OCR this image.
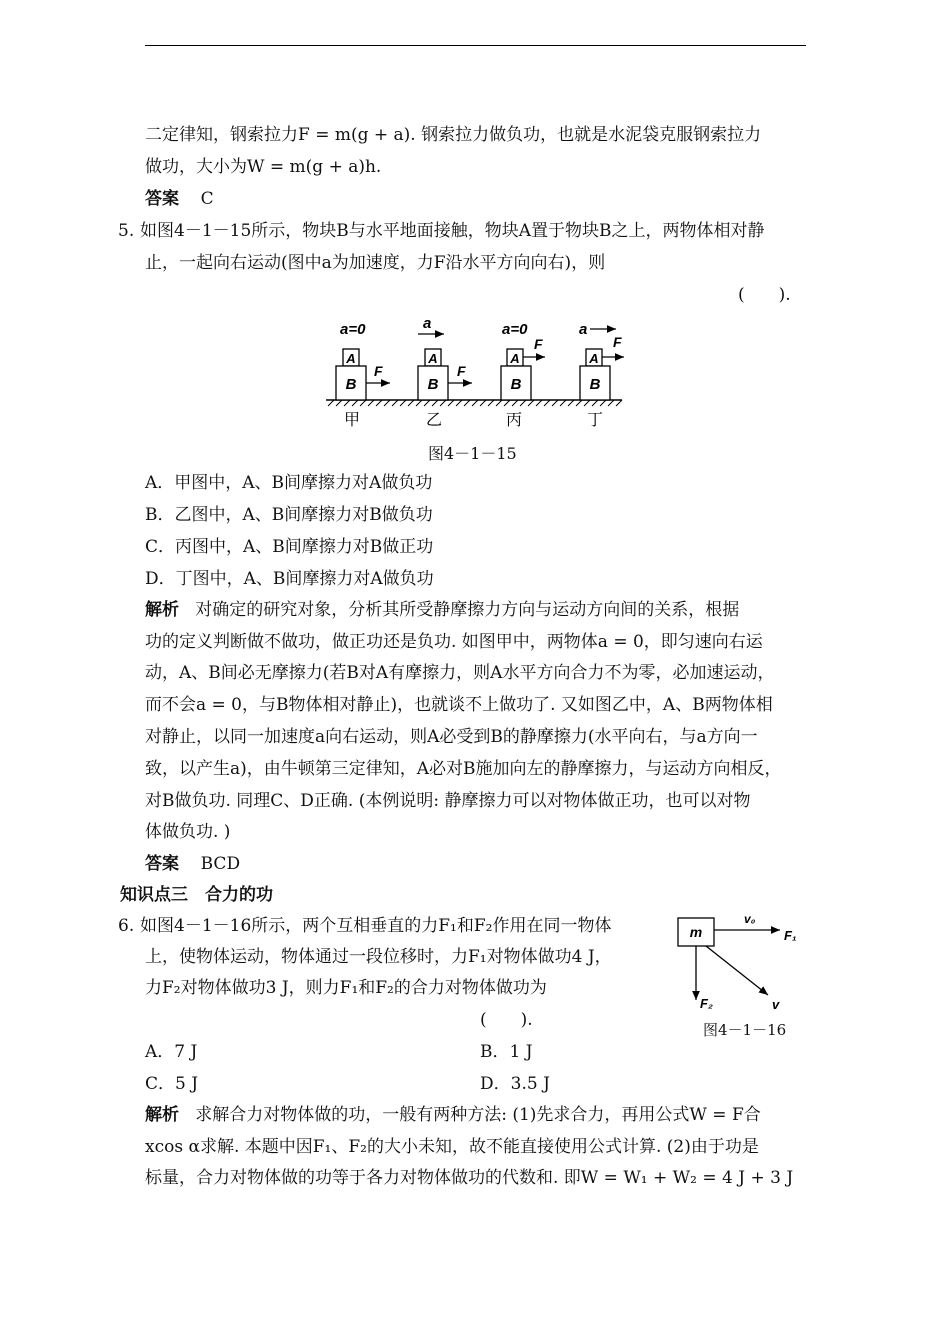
二定律知，钢索拉力F = m(g + a). 钢索拉力做负功，也就是水泥袋克服钢索拉力
做功，大小为W = m(g + a)h.
答案 C
5. 如图4－1－15所示，物块B与水平地面接触，物块A置于物块B之上，两物体相对静
止，一起向右运动(图中a为加速度，力F沿水平方向向右)，则
(　　).
a=0
A
B
F
甲
a
A
B
F
乙
a=0
A
B
F
丙
a
A
B
F
丁
图4－1－15
A．甲图中，A、B间摩擦力对A做负功
B．乙图中，A、B间摩擦力对B做负功
C．丙图中，A、B间摩擦力对B做正功
D．丁图中，A、B间摩擦力对A做负功
解析 对确定的研究对象，分析其所受静摩擦力方向与运动方向间的关系，根据
功的定义判断做不做功，做正功还是负功. 如图甲中，两物体a = 0，即匀速向右运
动，A、B间必无摩擦力(若B对A有摩擦力，则A水平方向合力不为零，必加速运动，
而不会a = 0，与B物体相对静止)，也就谈不上做功了. 又如图乙中，A、B两物体相
对静止，以同一加速度a向右运动，则A必受到B的静摩擦力(水平向右，与a方向一
致，以产生a)，由牛顿第三定律知，A必对B施加向左的静摩擦力，与运动方向相反，
对B做负功. 同理C、D正确. (本例说明: 静摩擦力可以对物体做正功，也可以对物
体做负功. )
答案 BCD
知识点三　合力的功
6. 如图4－1－16所示，两个互相垂直的力F₁和F₂作用在同一物体
上，使物体运动，物体通过一段位移时，力F₁对物体做功4 J，
力F₂对物体做功3 J，则力F₁和F₂的合力对物体做功为
(　　).
m
v₀
F₁
F₂	v
图4－1－16
A．7 J	B．1 J
C．5 J	D．3.5 J
解析 求解合力对物体做的功，一般有两种方法: (1)先求合力，再用公式W = F合
xcos α求解. 本题中因F₁、F₂的大小未知，故不能直接使用公式计算. (2)由于功是
标量，合力对物体做的功等于各力对物体做功的代数和. 即W = W₁ + W₂ = 4 J + 3 J
